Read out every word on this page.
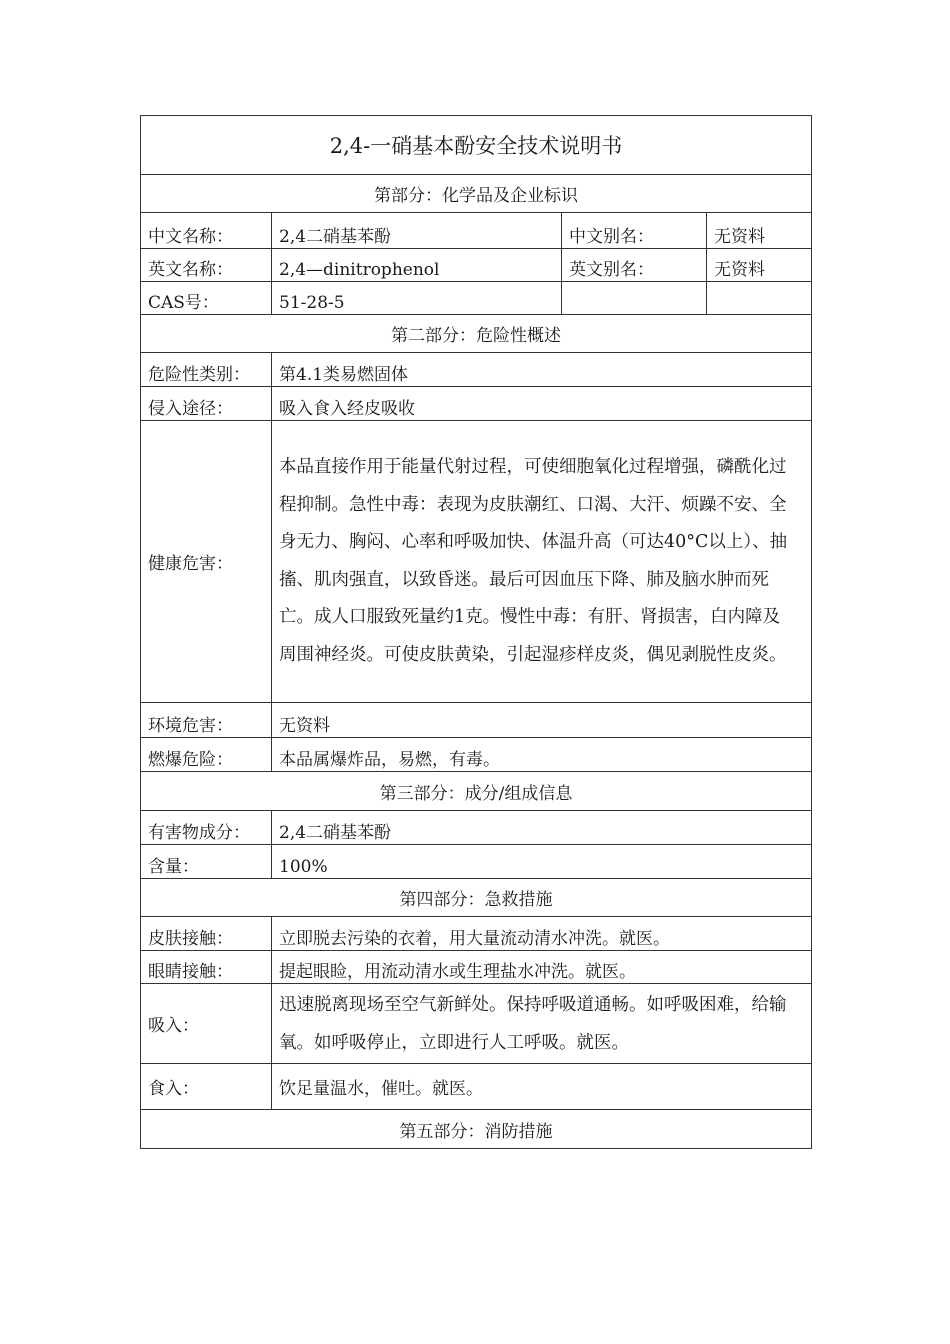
2,4-一硝基本酚安全技术说明书
第部分：化学品及企业标识
中文名称：	2,4二硝基苯酚	中文别名：	无资料
英文名称：	2,4—dinitrophenol	英文别名：	无资料
CAS号：	51-28-5
第二部分：危险性概述
危险性类别：	第4.1类易燃固体
侵入途径：	吸入食入经皮吸收
健康危害：
本品直接作用于能量代射过程，可使细胞氧化过程增强，磷酰化过程抑制。急性中毒：表现为皮肤潮红、口渴、大汗、烦躁不安、全身无力、胸闷、心率和呼吸加快、体温升高（可达40°C以上）、抽搐、肌肉强直，以致昏迷。最后可因血压下降、肺及脑水肿而死亡。成人口服致死量约1克。慢性中毒：有肝、肾损害，白内障及周围神经炎。可使皮肤黄染，引起湿疹样皮炎，偶见剥脱性皮炎。
环境危害：	无资料
燃爆危险：	本品属爆炸品，易燃，有毒。
第三部分：成分/组成信息
有害物成分：	2,4二硝基苯酚
含量：	100%
第四部分：急救措施
皮肤接触：	立即脱去污染的衣着，用大量流动清水冲洗。就医。
眼睛接触：	提起眼睑，用流动清水或生理盐水冲洗。就医。
吸入：
迅速脱离现场至空气新鲜处。保持呼吸道通畅。如呼吸困难，给输氧。如呼吸停止，立即进行人工呼吸。就医。
食入：	饮足量温水，催吐。就医。
第五部分：消防措施
